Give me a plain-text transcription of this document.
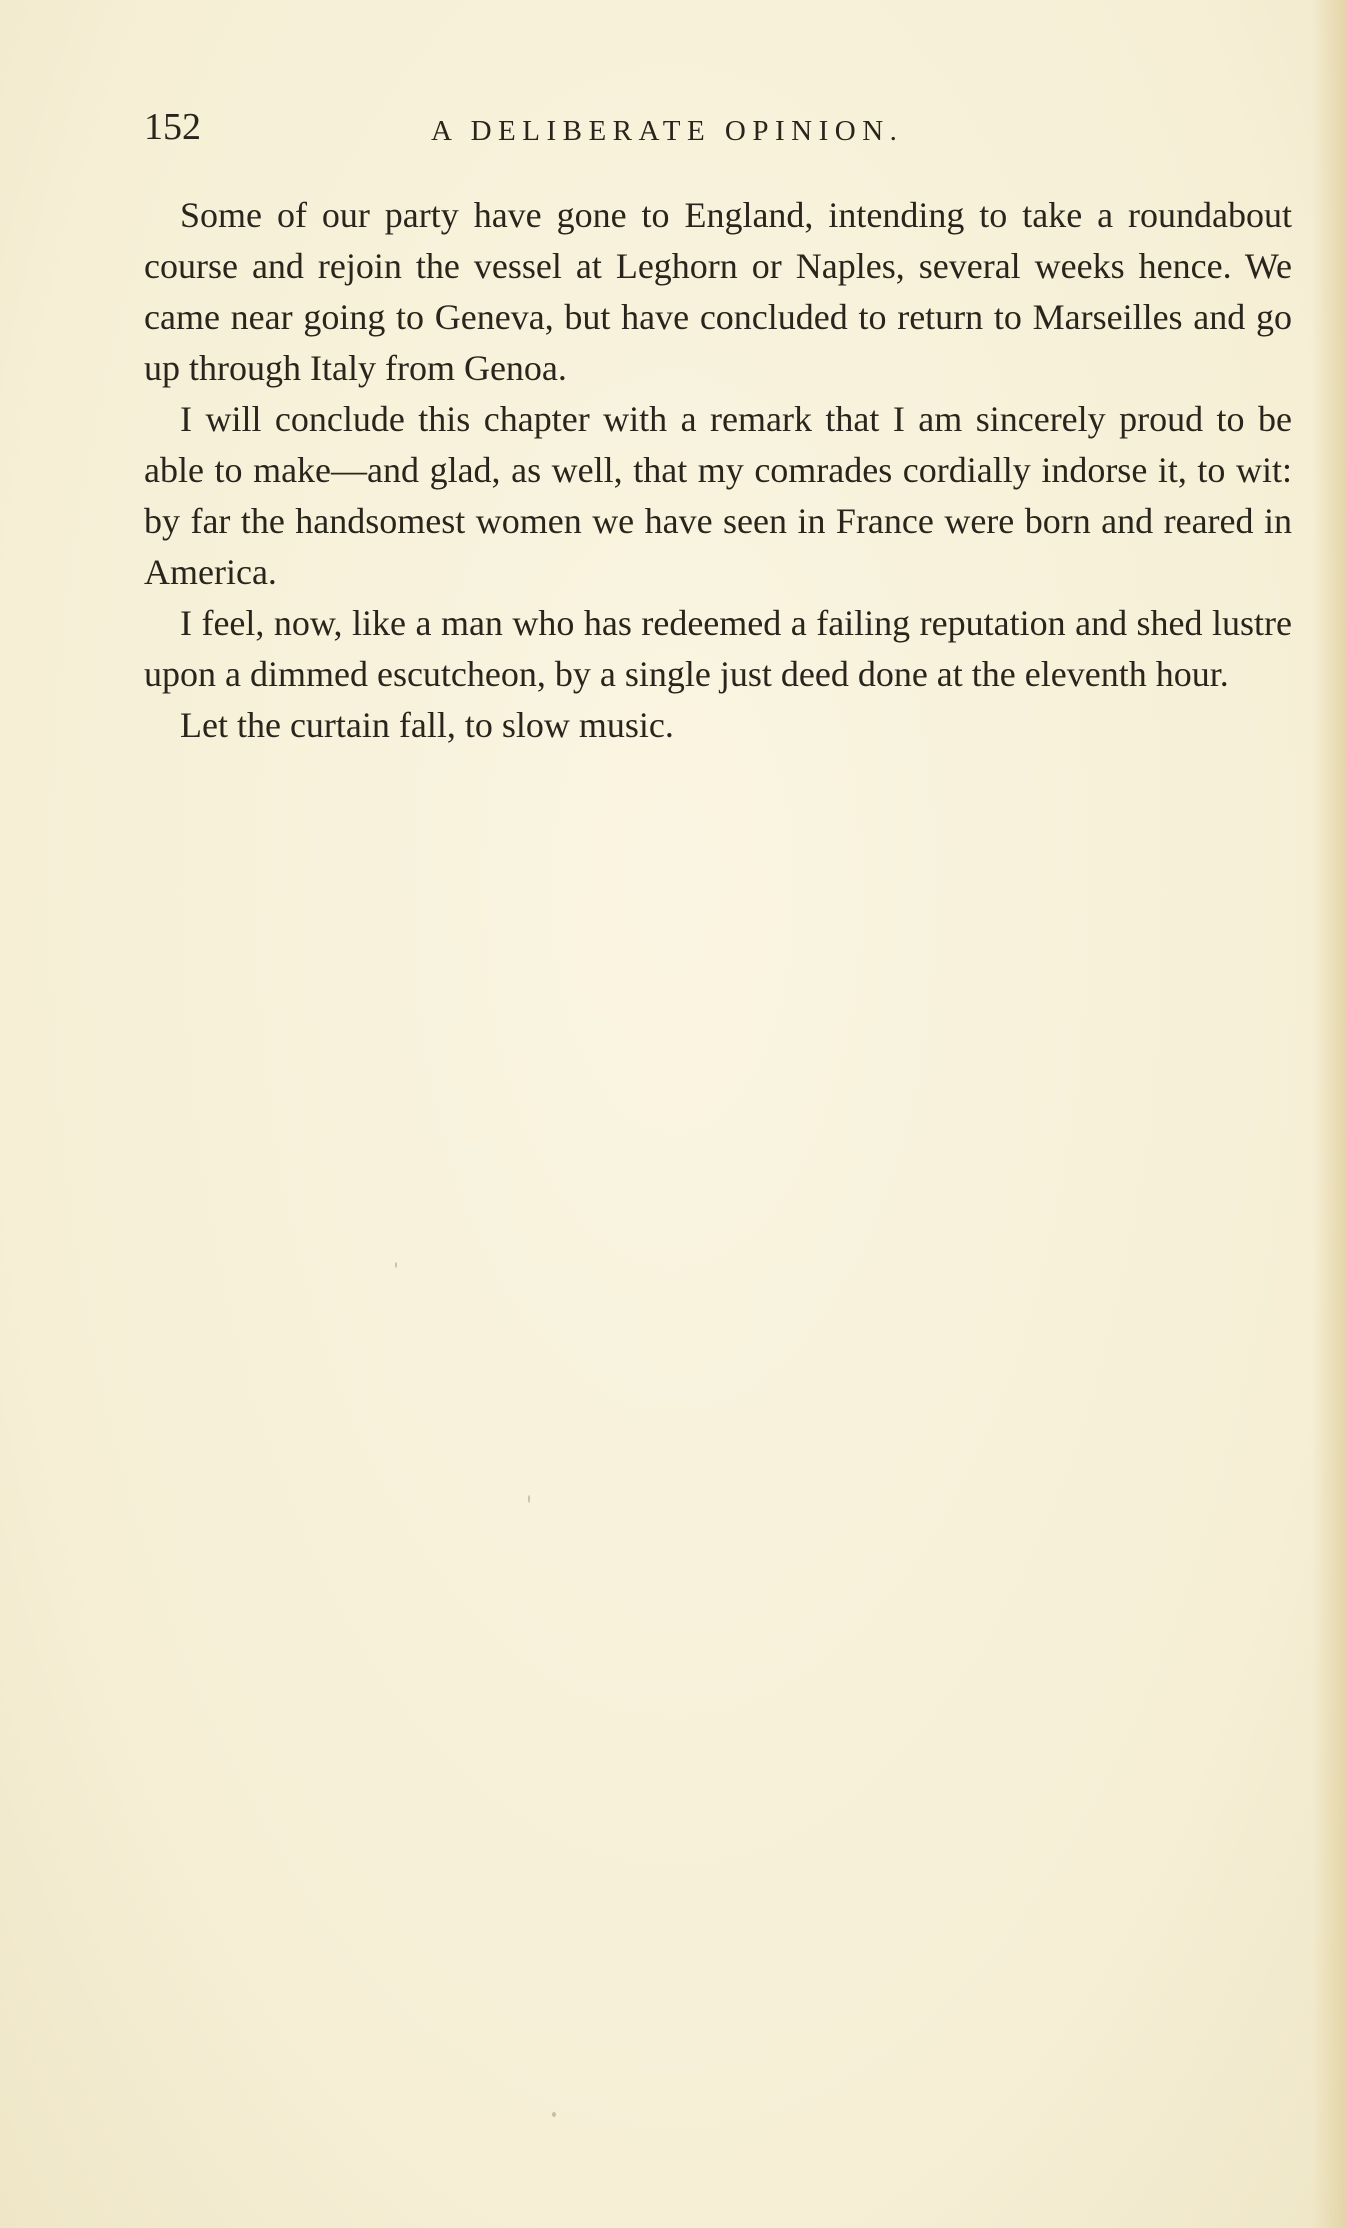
152	A DELIBERATE OPINION.

Some of our party have gone to England, intending to take a roundabout course and rejoin the vessel at Leghorn or Naples, several weeks hence. We came near going to Geneva, but have concluded to return to Marseilles and go up through Italy from Genoa.

I will conclude this chapter with a remark that I am sincerely proud to be able to make—and glad, as well, that my comrades cordially indorse it, to wit: by far the handsomest women we have seen in France were born and reared in America.

I feel, now, like a man who has redeemed a failing reputation and shed lustre upon a dimmed escutcheon, by a single just deed done at the eleventh hour.

Let the curtain fall, to slow music.
